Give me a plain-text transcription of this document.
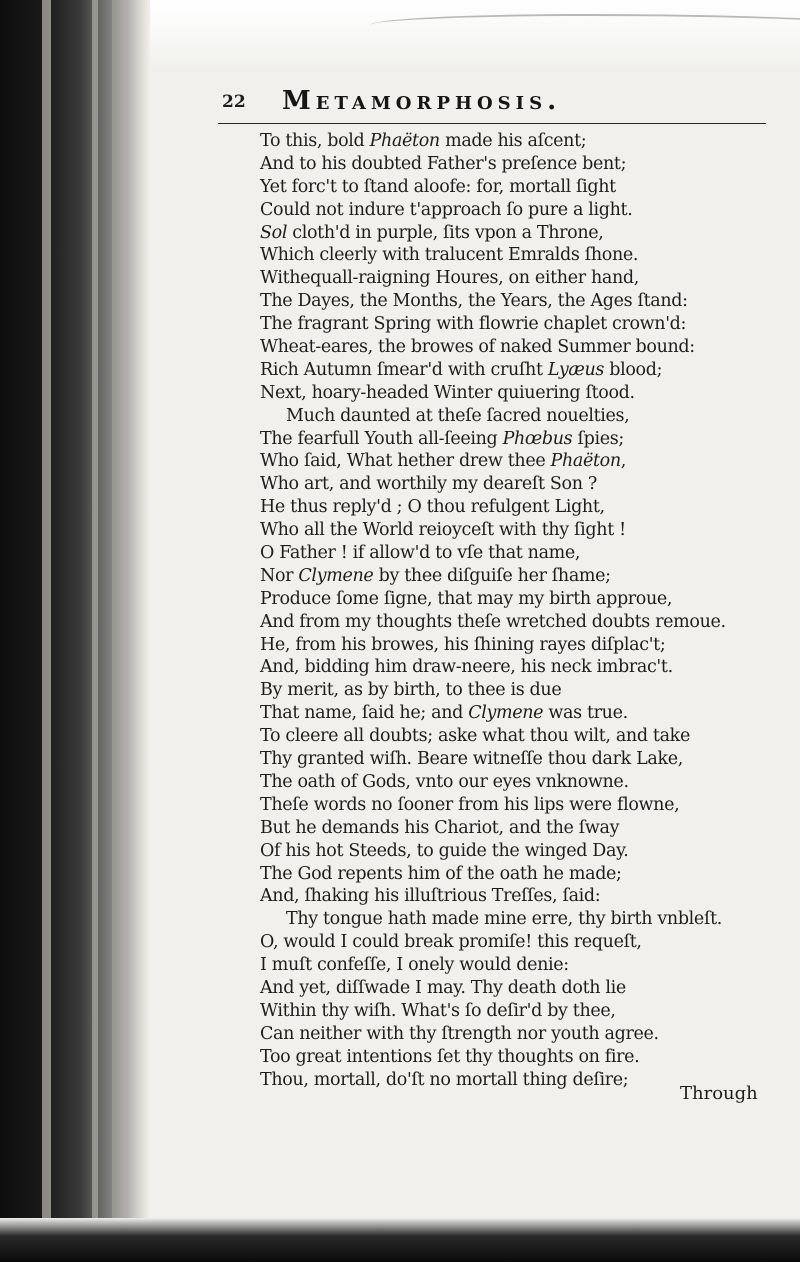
22 Metamorphosis.
To this, bold Phaëton made his aſcent;
And to his doubted Father's preſence bent;
Yet forc't to ſtand aloofe: for, mortall ſight
Could not indure t'approach ſo pure a light.
Sol cloth'd in purple, ſits vpon a Throne,
Which cleerly with tralucent Emralds ſhone.
Withequall-raigning Houres, on either hand,
The Dayes, the Months, the Years, the Ages ſtand:
The fragrant Spring with flowrie chaplet crown'd:
Wheat-eares, the browes of naked Summer bound:
Rich Autumn ſmear'd with cruſht Lyæus blood;
Next, hoary-headed Winter quiuering ſtood.
Much daunted at theſe ſacred nouelties,
The fearfull Youth all-ſeeing Phœbus ſpies;
Who ſaid, What hether drew thee Phaëton,
Who art, and worthily my deareſt Son ?
He thus reply'd ; O thou refulgent Light,
Who all the World reioyceſt with thy ſight !
O Father ! if allow'd to vſe that name,
Nor Clymene by thee diſguiſe her ſhame;
Produce ſome ſigne, that may my birth approue,
And from my thoughts theſe wretched doubts remoue.
He, from his browes, his ſhining rayes diſplac't;
And, bidding him draw-neere, his neck imbrac't.
By merit, as by birth, to thee is due
That name, ſaid he; and Clymene was true.
To cleere all doubts; aske what thou wilt, and take
Thy granted wiſh. Beare witneſſe thou dark Lake,
The oath of Gods, vnto our eyes vnknowne.
Theſe words no ſooner from his lips were flowne,
But he demands his Chariot, and the ſway
Of his hot Steeds, to guide the winged Day.
The God repents him of the oath he made;
And, ſhaking his illuſtrious Treſſes, ſaid:
Thy tongue hath made mine erre, thy birth vnbleſt.
O, would I could break promiſe! this requeſt,
I muſt confeſſe, I onely would denie:
And yet, diſſwade I may. Thy death doth lie
Within thy wiſh. What's ſo deſir'd by thee,
Can neither with thy ſtrength nor youth agree.
Too great intentions ſet thy thoughts on fire.
Thou, mortall, do'ſt no mortall thing deſire;
Through
